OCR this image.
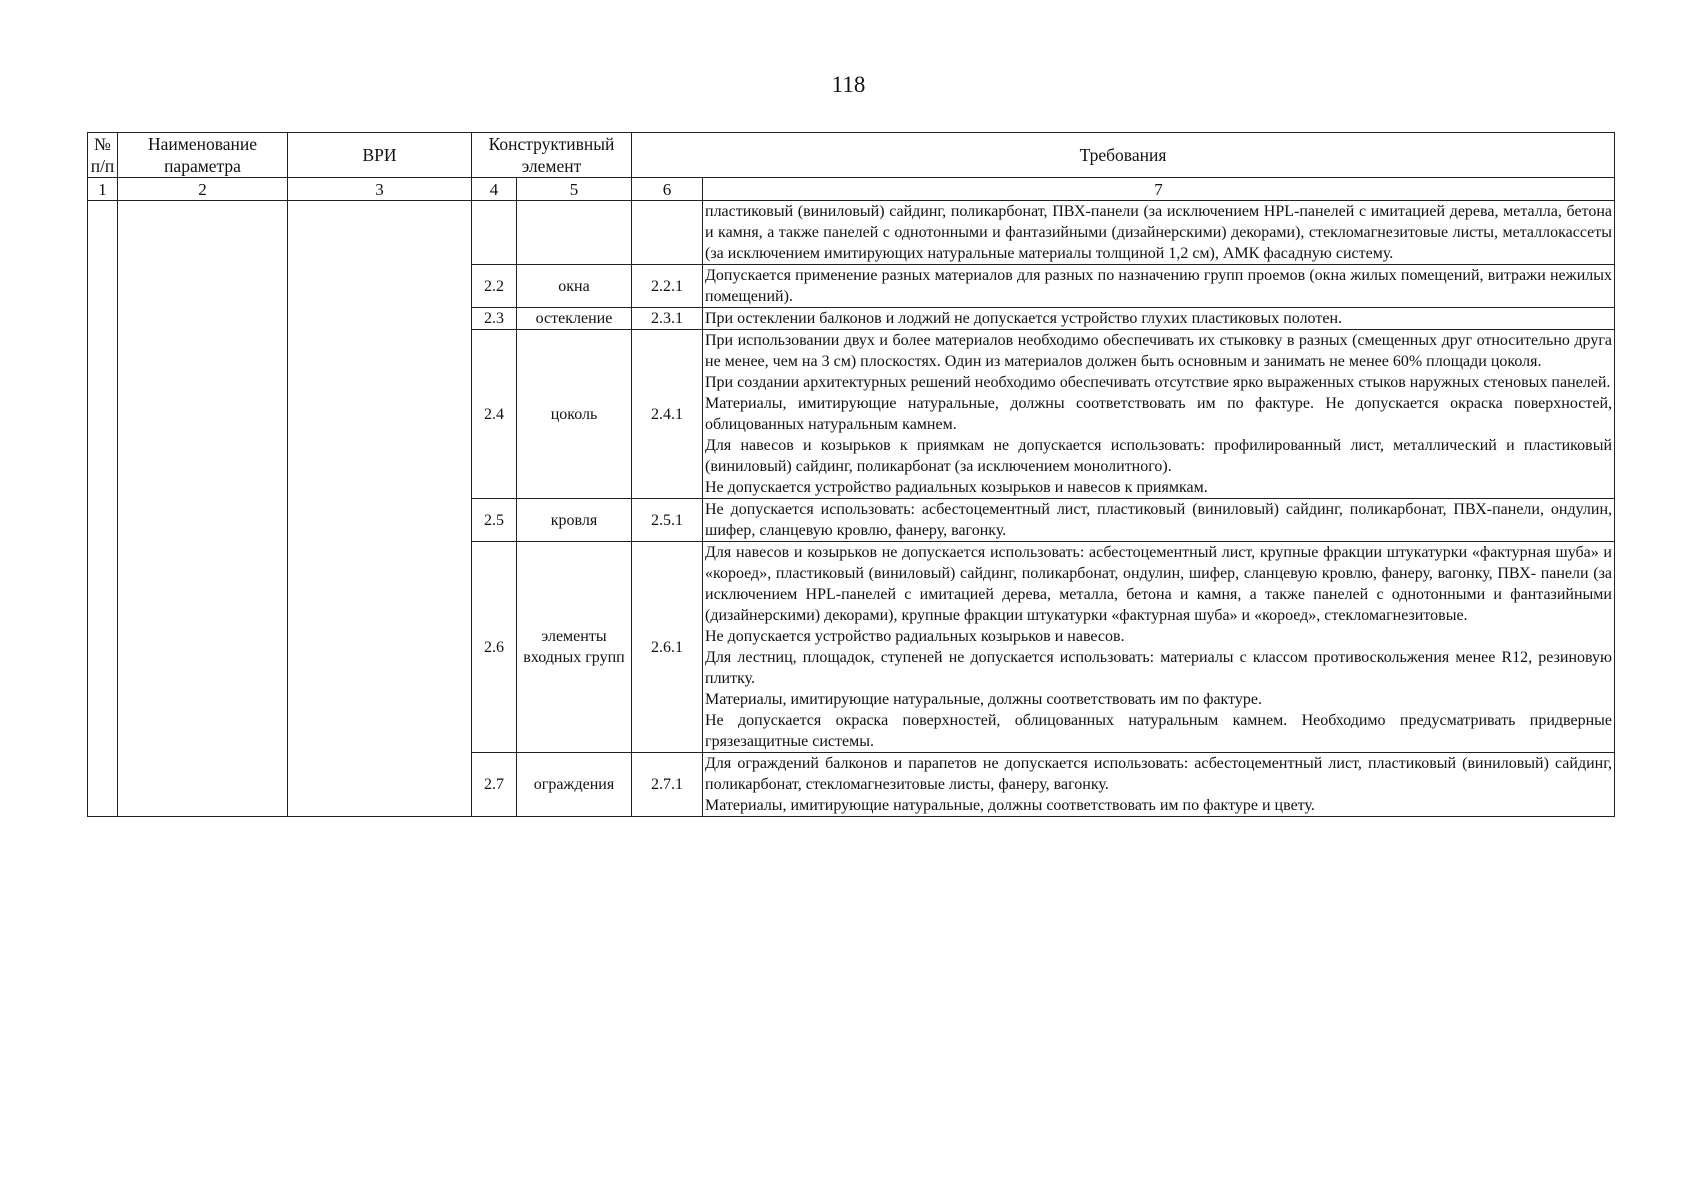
118
№ п/п	Наименование параметра	ВРИ	Конструктивный элемент		Требования	
1	2	3	4	5	6	7

						пластиковый (виниловый) сайдинг, поликарбонат, ПВХ-панели (за исключением HPL-панелей с имитацией дерева, металла, бетона и камня, а также панелей с однотонными и фантазийными (дизайнерскими) декорами), стекломагнезитовые листы, металлокассеты (за исключением имитирующих натуральные материалы толщиной 1,2 см), АМК фасадную систему.

			2.2	окна	2.2.1	Допускается применение разных материалов для разных по назначению групп проемов (окна жилых помещений, витражи нежилых помещений).

			2.3	остекление	2.3.1	При остеклении балконов и лоджий не допускается устройство глухих пластиковых полотен.

			2.4	цоколь	2.4.1	При использовании двух и более материалов необходимо обеспечивать их стыковку в разных (смещенных друг относительно друга не менее, чем на 3 см) плоскостях. Один из материалов должен быть основным и занимать не менее 60% площади цоколя.

При создании архитектурных решений необходимо обеспечивать отсутствие ярко выраженных стыков наружных стеновых панелей.

Материалы, имитирующие натуральные, должны соответствовать им по фактуре. Не допускается окраска поверхностей, облицованных натуральным камнем.

Для навесов и козырьков к приямкам не допускается использовать: профилированный лист, металлический и пластиковый (виниловый) сайдинг, поликарбонат (за исключением монолитного).

Не допускается устройство радиальных козырьков и навесов к приямкам.

			2.5	кровля	2.5.1	Не допускается использовать: асбестоцементный лист, пластиковый (виниловый) сайдинг, поликарбонат, ПВХ-панели, ондулин, шифер, сланцевую кровлю, фанеру, вагонку.

			2.6	элементы входных групп	2.6.1	Для навесов и козырьков не допускается использовать: асбестоцементный лист, крупные фракции штукатурки «фактурная шуба» и «короед», пластиковый (виниловый) сайдинг, поликарбонат, ондулин, шифер, сланцевую кровлю, фанеру, вагонку, ПВХ- панели (за исключением HPL-панелей с имитацией дерева, металла, бетона и камня, а также панелей с однотонными и фантазийными (дизайнерскими) декорами), крупные фракции штукатурки «фактурная шуба» и «короед», стекломагнезитовые.

Не допускается устройство радиальных козырьков и навесов.

Для лестниц, площадок, ступеней не допускается использовать: материалы с классом противоскольжения менее R12, резиновую плитку.

Материалы, имитирующие натуральные, должны соответствовать им по фактуре.

Не допускается окраска поверхностей, облицованных натуральным камнем. Необходимо предусматривать придверные грязезащитные системы.

			2.7	ограждения	2.7.1	Для ограждений балконов и парапетов не допускается использовать: асбестоцементный лист, пластиковый (виниловый) сайдинг, поликарбонат, стекломагнезитовые листы, фанеру, вагонку.

Материалы, имитирующие натуральные, должны соответствовать им по фактуре и цвету.
